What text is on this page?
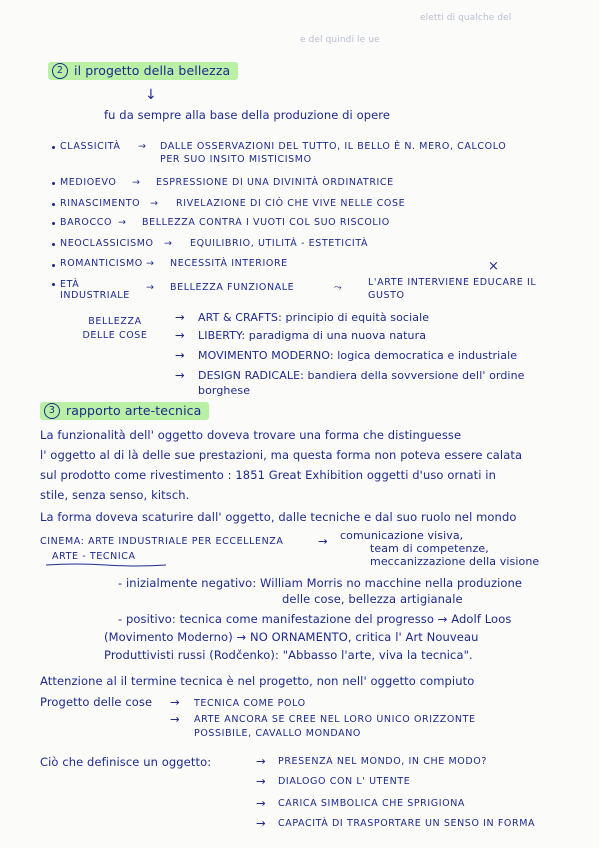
eletti di qualche del
e del quindi le ue
2 il progetto della bellezza
↓
fu da sempre alla base della produzione di opere
CLASSICITÀ → DALLE OSSERVAZIONI DEL TUTTO, IL BELLO È N. MERO, CALCOLO
PER SUO INSITO MISTICISMO
MEDIOEVO → ESPRESSIONE DI UNA DIVINITÀ ORDINATRICE
RINASCIMENTO → RIVELAZIONE DI CIÒ CHE VIVE NELLE COSE
BAROCCO → BELLEZZA CONTRA I VUOTI COL SUO RISCOLIO
NEOCLASSICISMO → EQUILIBRIO, UTILITÀ - ESTETICITÀ
ROMANTICISMO → NECESSITÀ INTERIORE	×
ETÀ INDUSTRIALE
→ BELLEZZA FUNZIONALE	⤳	L'ARTE INTERVIENE EDUCARE IL GUSTO
BELLEZZA DELLE COSE
→ ART & CRAFTS: principio di equità sociale
→ LIBERTY: paradigma di una nuova natura
→ MOVIMENTO MODERNO: logica democratica e industriale
→ DESIGN RADICALE: bandiera della sovversione dell' ordine borghese
3 rapporto arte-tecnica
La funzionalità dell' oggetto doveva trovare una forma che distinguesse
l' oggetto al di là delle sue prestazioni, ma questa forma non poteva essere calata
sul prodotto come rivestimento : 1851 Great Exhibition oggetti d'uso ornati in
stile, senza senso, kitsch.
La forma doveva scaturire dall' oggetto, dalle tecniche e dal suo ruolo nel mondo
CINEMA: ARTE INDUSTRIALE PER ECCELLENZA	→ comunicazione visiva,
team di competenze,
meccanizzazione della visione
ARTE - TECNICA
- inizialmente negativo: William Morris no macchine nella produzione
delle cose, bellezza artigianale
- positivo: tecnica come manifestazione del progresso → Adolf Loos
(Movimento Moderno) → NO ORNAMENTO, critica l' Art Nouveau
Produttivisti russi (Rodčenko): "Abbasso l'arte, viva la tecnica".
Attenzione al il termine tecnica è nel progetto, non nell' oggetto compiuto
Progetto delle cose → TECNICA COME POLO
→ ARTE ANCORA SE CREE NEL LORO UNICO ORIZZONTE
POSSIBILE, CAVALLO MONDANO
Ciò che definisce un oggetto:	→ PRESENZA NEL MONDO, IN CHE MODO?
→ DIALOGO CON L' UTENTE
→ CARICA SIMBOLICA CHE SPRIGIONA
→ CAPACITÀ DI TRASPORTARE UN SENSO IN FORMA
